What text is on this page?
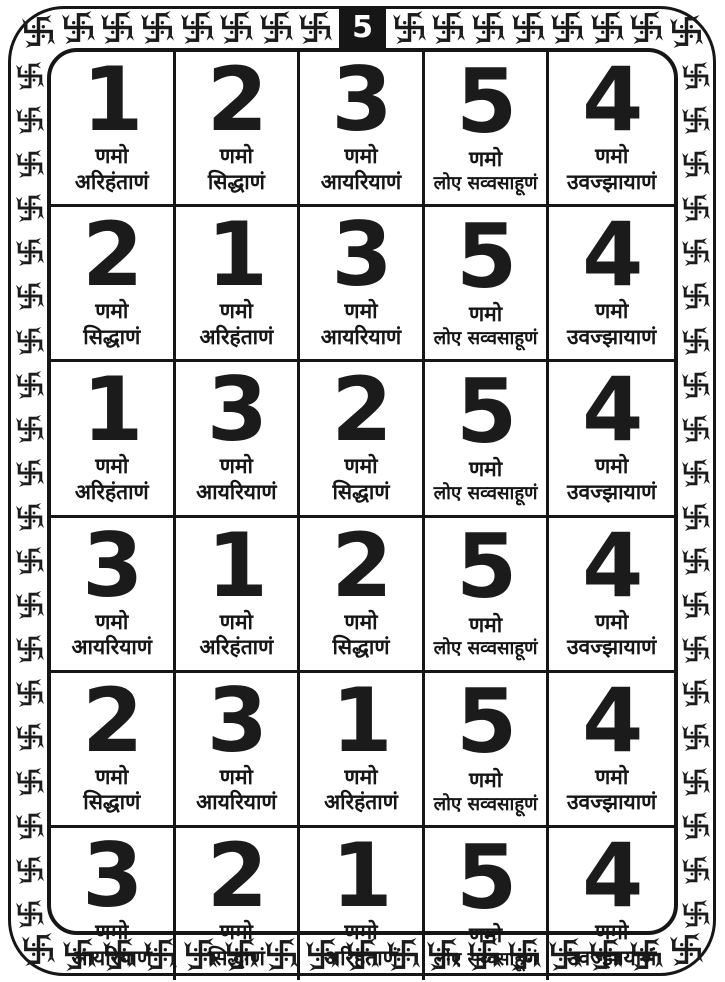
5
1
णमो
अरिहंताणं
2
णमो
सिद्धाणं
3
णमो
आयरियाणं
5
णमो
लोए सव्वसाहूणं
4
णमो
उवज्झायाणं
2
णमो
सिद्धाणं
1
णमो
अरिहंताणं
3
णमो
आयरियाणं
5
णमो
लोए सव्वसाहूणं
4
णमो
उवज्झायाणं
1
णमो
अरिहंताणं
3
णमो
आयरियाणं
2
णमो
सिद्धाणं
5
णमो
लोए सव्वसाहूणं
4
णमो
उवज्झायाणं
3
णमो
आयरियाणं
1
णमो
अरिहंताणं
2
णमो
सिद्धाणं
5
णमो
लोए सव्वसाहूणं
4
णमो
उवज्झायाणं
2
णमो
सिद्धाणं
3
णमो
आयरियाणं
1
णमो
अरिहंताणं
5
णमो
लोए सव्वसाहूणं
4
णमो
उवज्झायाणं
3
णमो
आयरियाणं
2
णमो
सिद्धाणं
1
णमो
अरिहंताणं
5
णमो
लोए सव्वसाहूणं
4
णमो
उवज्झायाणं
